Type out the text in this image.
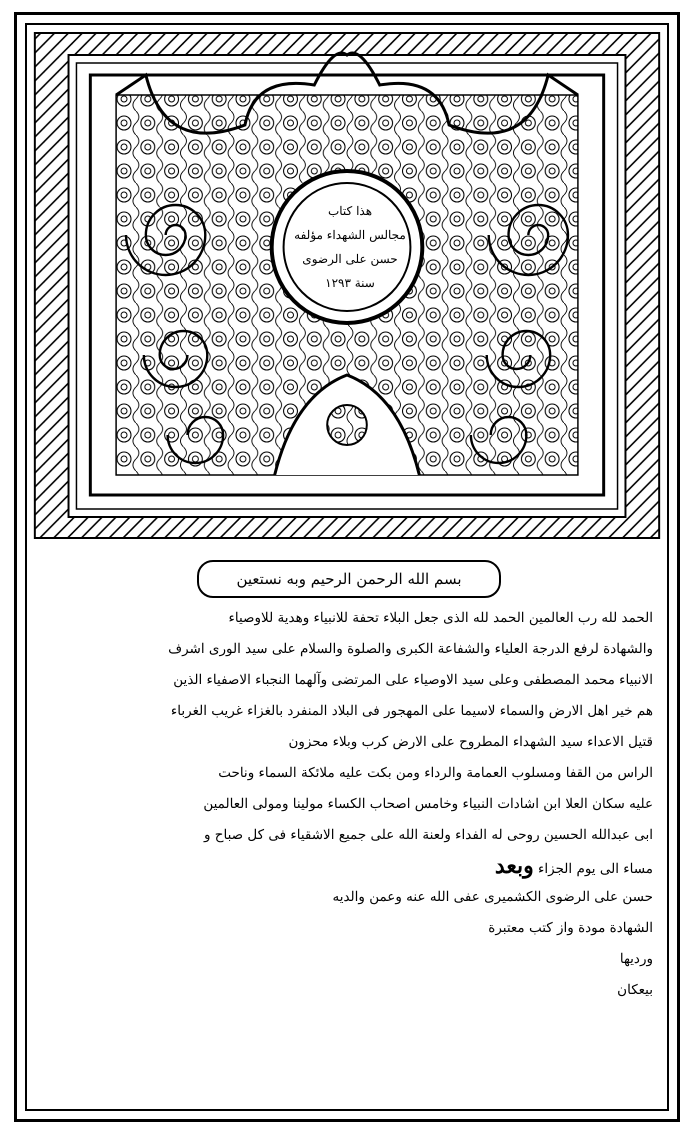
هذا كتاب
مجالس الشهداء مؤلفه
حسن علی الرضوی
سنة ١٢٩٣
بسم الله الرحمن الرحیم وبه نستعین
الحمد لله رب العالمین الحمد لله الذی جعل البلاء تحفة للانبیاء وهدیة للاوصیاء
والشهادة لرفع الدرجة العلیاء والشفاعة الکبری والصلوة والسلام علی سید الوری اشرف
الانبیاء محمد المصطفی وعلی سید الاوصیاء علی المرتضی وآلهما النجباء الاصفیاء الذین
هم خیر اهل الارض والسماء لاسیما علی المهجور فی البلاد المنفرد بالغزاء غریب الغرباء
قتیل الاعداء سید الشهداء المطروح علی الارض کرب وبلاء محزون
الراس من القفا ومسلوب العمامة والرداء ومن بکت علیه ملائکة السماء وناحت
علیه سکان العلا ابن اشادات النبیاء وخامس اصحاب الکساء مولینا ومولی العالمین
ابی عبدالله الحسین روحی له الفداء ولعنة الله علی جمیع الاشقیاء فی کل صباح و
مساء الی یوم الجزاء وبعد
حسن علی الرضوی الکشمیری عفی الله عنه وعمن والدیه
الشهادة مودة واز کتب معتبرة
وردیها
بیعکان
